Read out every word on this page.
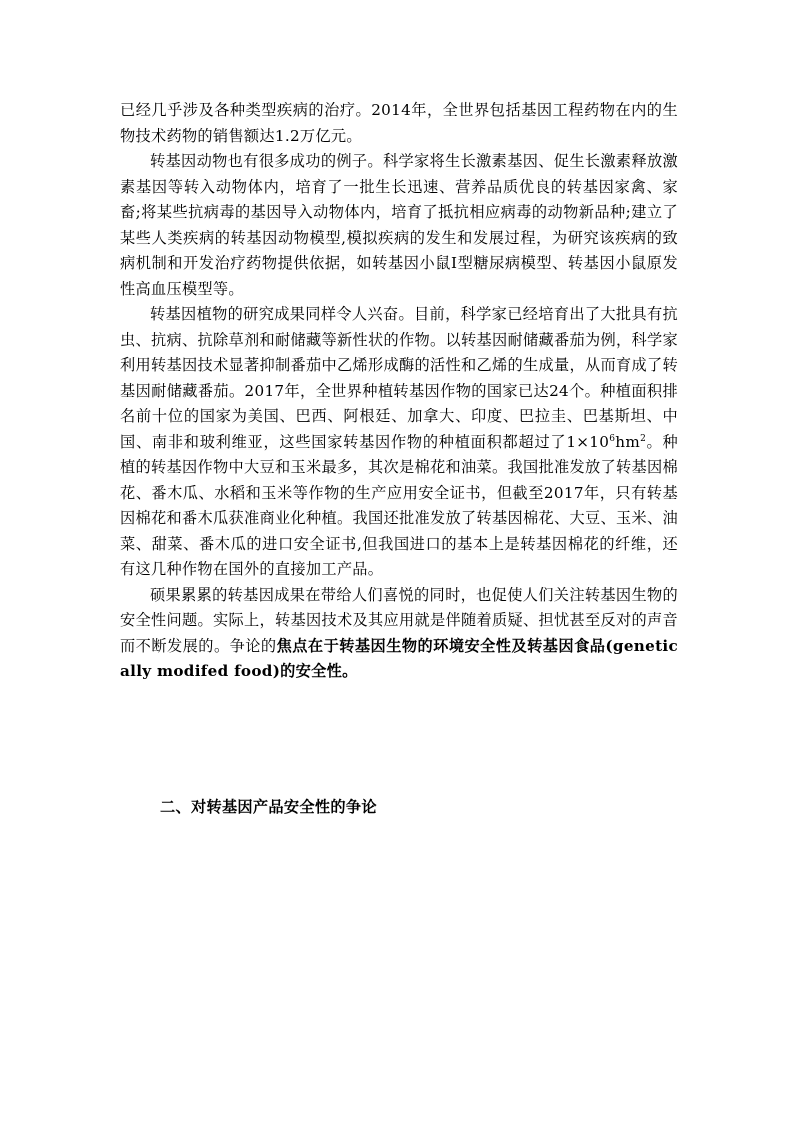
已经几乎涉及各种类型疾病的治疗。2014年，全世界包括基因工程药物在内的生物技术药物的销售额达1.2万亿元。

转基因动物也有很多成功的例子。科学家将生长激素基因、促生长激素释放激素基因等转入动物体内，培育了一批生长迅速、营养品质优良的转基因家禽、家畜;将某些抗病毒的基因导入动物体内，培育了抵抗相应病毒的动物新品种;建立了某些人类疾病的转基因动物模型,模拟疾病的发生和发展过程，为研究该疾病的致病机制和开发治疗药物提供依据，如转基因小鼠Ⅰ型糖尿病模型、转基因小鼠原发性高血压模型等。

转基因植物的研究成果同样令人兴奋。目前，科学家已经培育出了大批具有抗虫、抗病、抗除草剂和耐储藏等新性状的作物。以转基因耐储藏番茄为例，科学家利用转基因技术显著抑制番茄中乙烯形成酶的活性和乙烯的生成量，从而育成了转基因耐储藏番茄。2017年，全世界种植转基因作物的国家已达24个。种植面积排名前十位的国家为美国、巴西、阿根廷、加拿大、印度、巴拉圭、巴基斯坦、中国、南非和玻利维亚，这些国家转基因作物的种植面积都超过了$1\times 10^6hm^2$。种植的转基因作物中大豆和玉米最多，其次是棉花和油菜。我国批准发放了转基因棉花、番木瓜、水稻和玉米等作物的生产应用安全证书，但截至2017年，只有转基因棉花和番木瓜获准商业化种植。我国还批准发放了转基因棉花、大豆、玉米、油菜、甜菜、番木瓜的进口安全证书,但我国进口的基本上是转基因棉花的纤维，还有这几种作物在国外的直接加工产品。

硕果累累的转基因成果在带给人们喜悦的同时，也促使人们关注转基因生物的安全性问题。实际上，转基因技术及其应用就是伴随着质疑、担忧甚至反对的声音而不断发展的。争论的焦点在于转基因生物的环境安全性及转基因食品(genetically modifed food)的安全性。

二、对转基因产品安全性的争论
